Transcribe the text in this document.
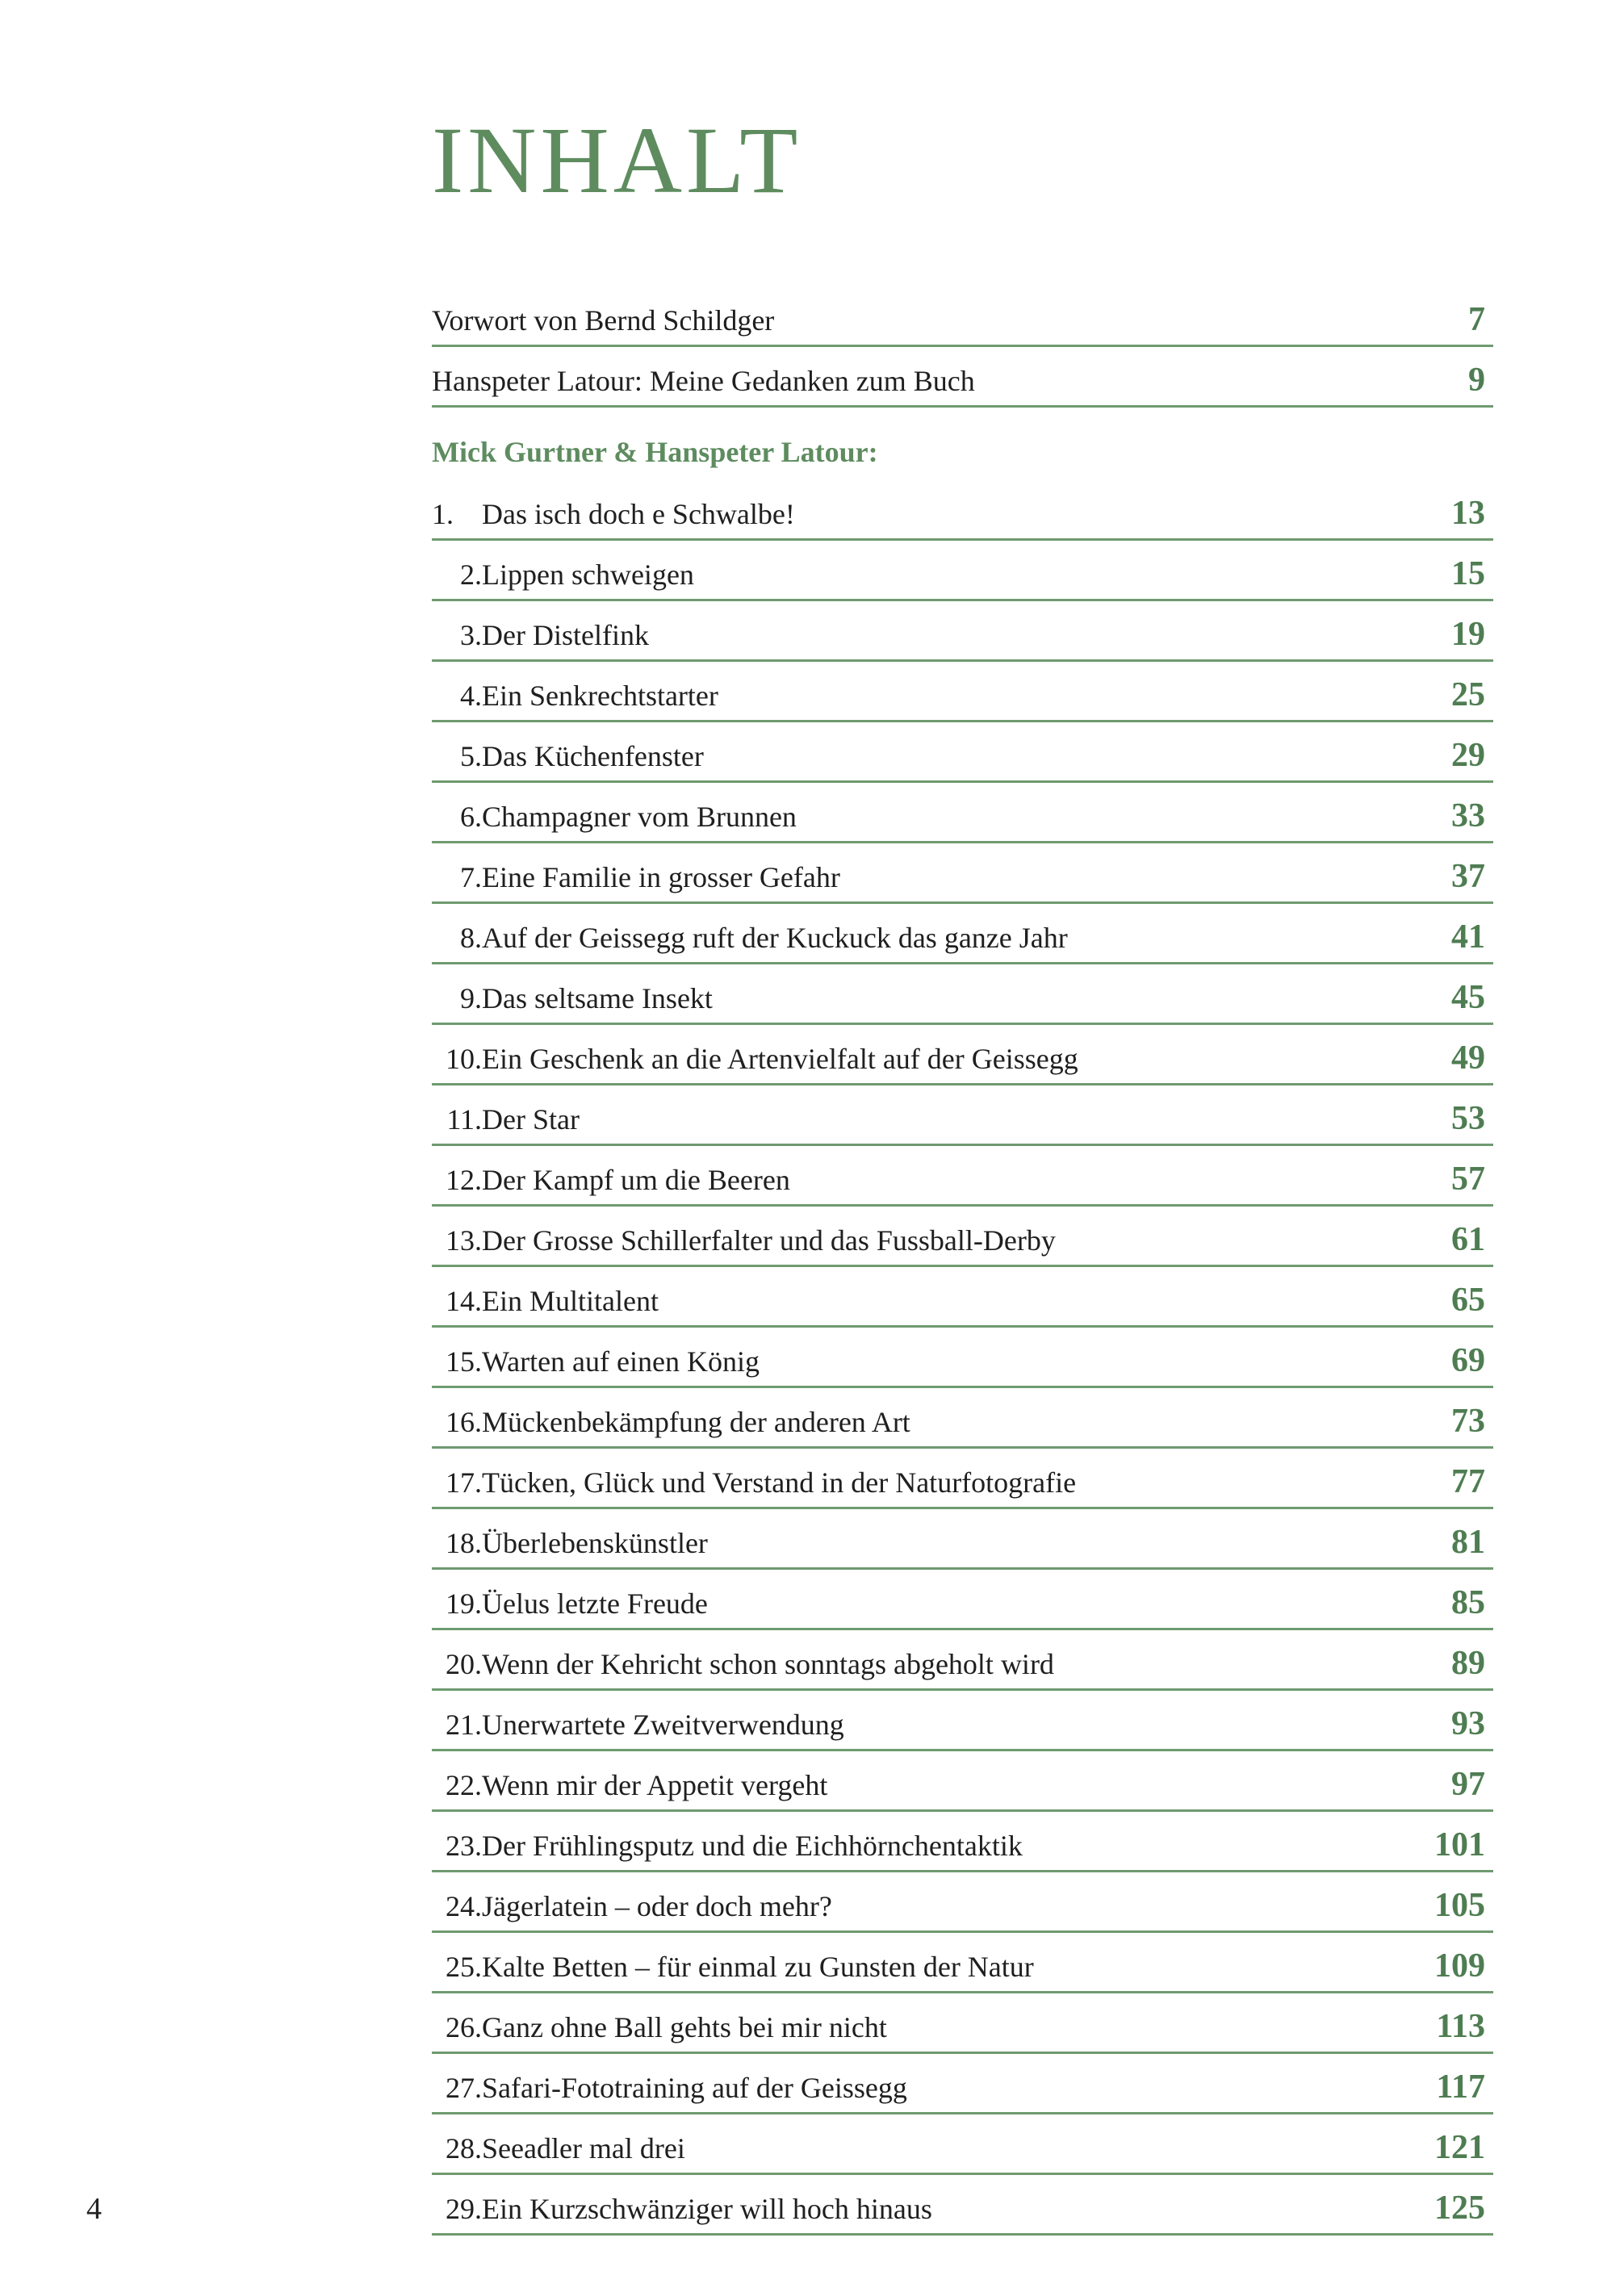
INHALT
Vorwort von Bernd Schildger	7
Hanspeter Latour: Meine Gedanken zum Buch	9
Mick Gurtner & Hanspeter Latour:
1. Das isch doch e Schwalbe!	13
2.Lippen schweigen	15
3.Der Distelfink	19
4.Ein Senkrechtstarter	25
5.Das Küchenfenster	29
6.Champagner vom Brunnen	33
7.Eine Familie in grosser Gefahr	37
8.Auf der Geissegg ruft der Kuckuck das ganze Jahr	41
9.Das seltsame Insekt	45
10.Ein Geschenk an die Artenvielfalt auf der Geissegg	49
11.Der Star	53
12.Der Kampf um die Beeren	57
13.Der Grosse Schillerfalter und das Fussball-Derby	61
14.Ein Multitalent	65
15.Warten auf einen König	69
16.Mückenbekämpfung der anderen Art	73
17.Tücken, Glück und Verstand in der Naturfotografie	77
18.Überlebenskünstler	81
19.Üelus letzte Freude	85
20.Wenn der Kehricht schon sonntags abgeholt wird	89
21.Unerwartete Zweitverwendung	93
22.Wenn mir der Appetit vergeht	97
23.Der Frühlingsputz und die Eichhörnchentaktik	101
24.Jägerlatein – oder doch mehr?	105
25.Kalte Betten – für einmal zu Gunsten der Natur	109
26.Ganz ohne Ball gehts bei mir nicht	113
27.Safari-Fototraining auf der Geissegg	117
28.Seeadler mal drei	121
29.Ein Kurzschwänziger will hoch hinaus	125
4
